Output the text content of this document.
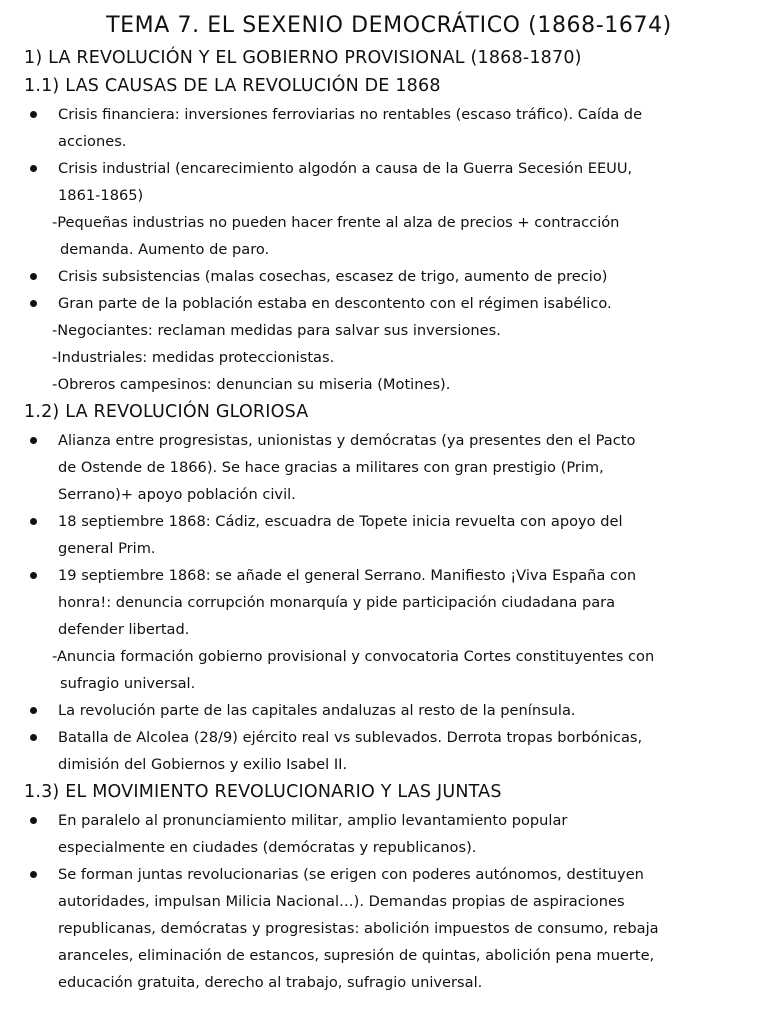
TEMA 7. EL SEXENIO DEMOCRÁTICO (1868-1674)
1) LA REVOLUCIÓN Y EL GOBIERNO PROVISIONAL (1868-1870)
1.1) LAS CAUSAS DE LA REVOLUCIÓN DE 1868
Crisis financiera: inversiones ferroviarias no rentables (escaso tráfico). Caída de
acciones.
Crisis industrial (encarecimiento algodón a causa de la Guerra Secesión EEUU,
1861-1865)
-Pequeñas industrias no pueden hacer frente al alza de precios + contracción
demanda. Aumento de paro.
Crisis subsistencias (malas cosechas, escasez de trigo, aumento de precio)
Gran parte de la población estaba en descontento con el régimen isabélico.
-Negociantes: reclaman medidas para salvar sus inversiones.
-Industriales: medidas proteccionistas.
-Obreros campesinos: denuncian su miseria (Motines).
1.2) LA REVOLUCIÓN GLORIOSA
Alianza entre progresistas, unionistas y demócratas (ya presentes den el Pacto
de Ostende de 1866). Se hace gracias a militares con gran prestigio (Prim,
Serrano)+ apoyo población civil.
18 septiembre 1868: Cádiz, escuadra de Topete inicia revuelta con apoyo del
general Prim.
19 septiembre 1868: se añade el general Serrano. Manifiesto ¡Viva España con
honra!: denuncia corrupción monarquía y pide participación ciudadana para
defender libertad.
-Anuncia formación gobierno provisional y convocatoria Cortes constituyentes con
sufragio universal.
La revolución parte de las capitales andaluzas al resto de la península.
Batalla de Alcolea (28/9) ejército real vs sublevados. Derrota tropas borbónicas,
dimisión del Gobiernos y exilio Isabel II.
1.3) EL MOVIMIENTO REVOLUCIONARIO Y LAS JUNTAS
En paralelo al pronunciamiento militar, amplio levantamiento popular
especialmente en ciudades (demócratas y republicanos).
Se forman juntas revolucionarias (se erigen con poderes autónomos, destituyen
autoridades, impulsan Milicia Nacional…). Demandas propias de aspiraciones
republicanas, demócratas y progresistas: abolición impuestos de consumo, rebaja
aranceles, eliminación de estancos, supresión de quintas, abolición pena muerte,
educación gratuita, derecho al trabajo, sufragio universal.
